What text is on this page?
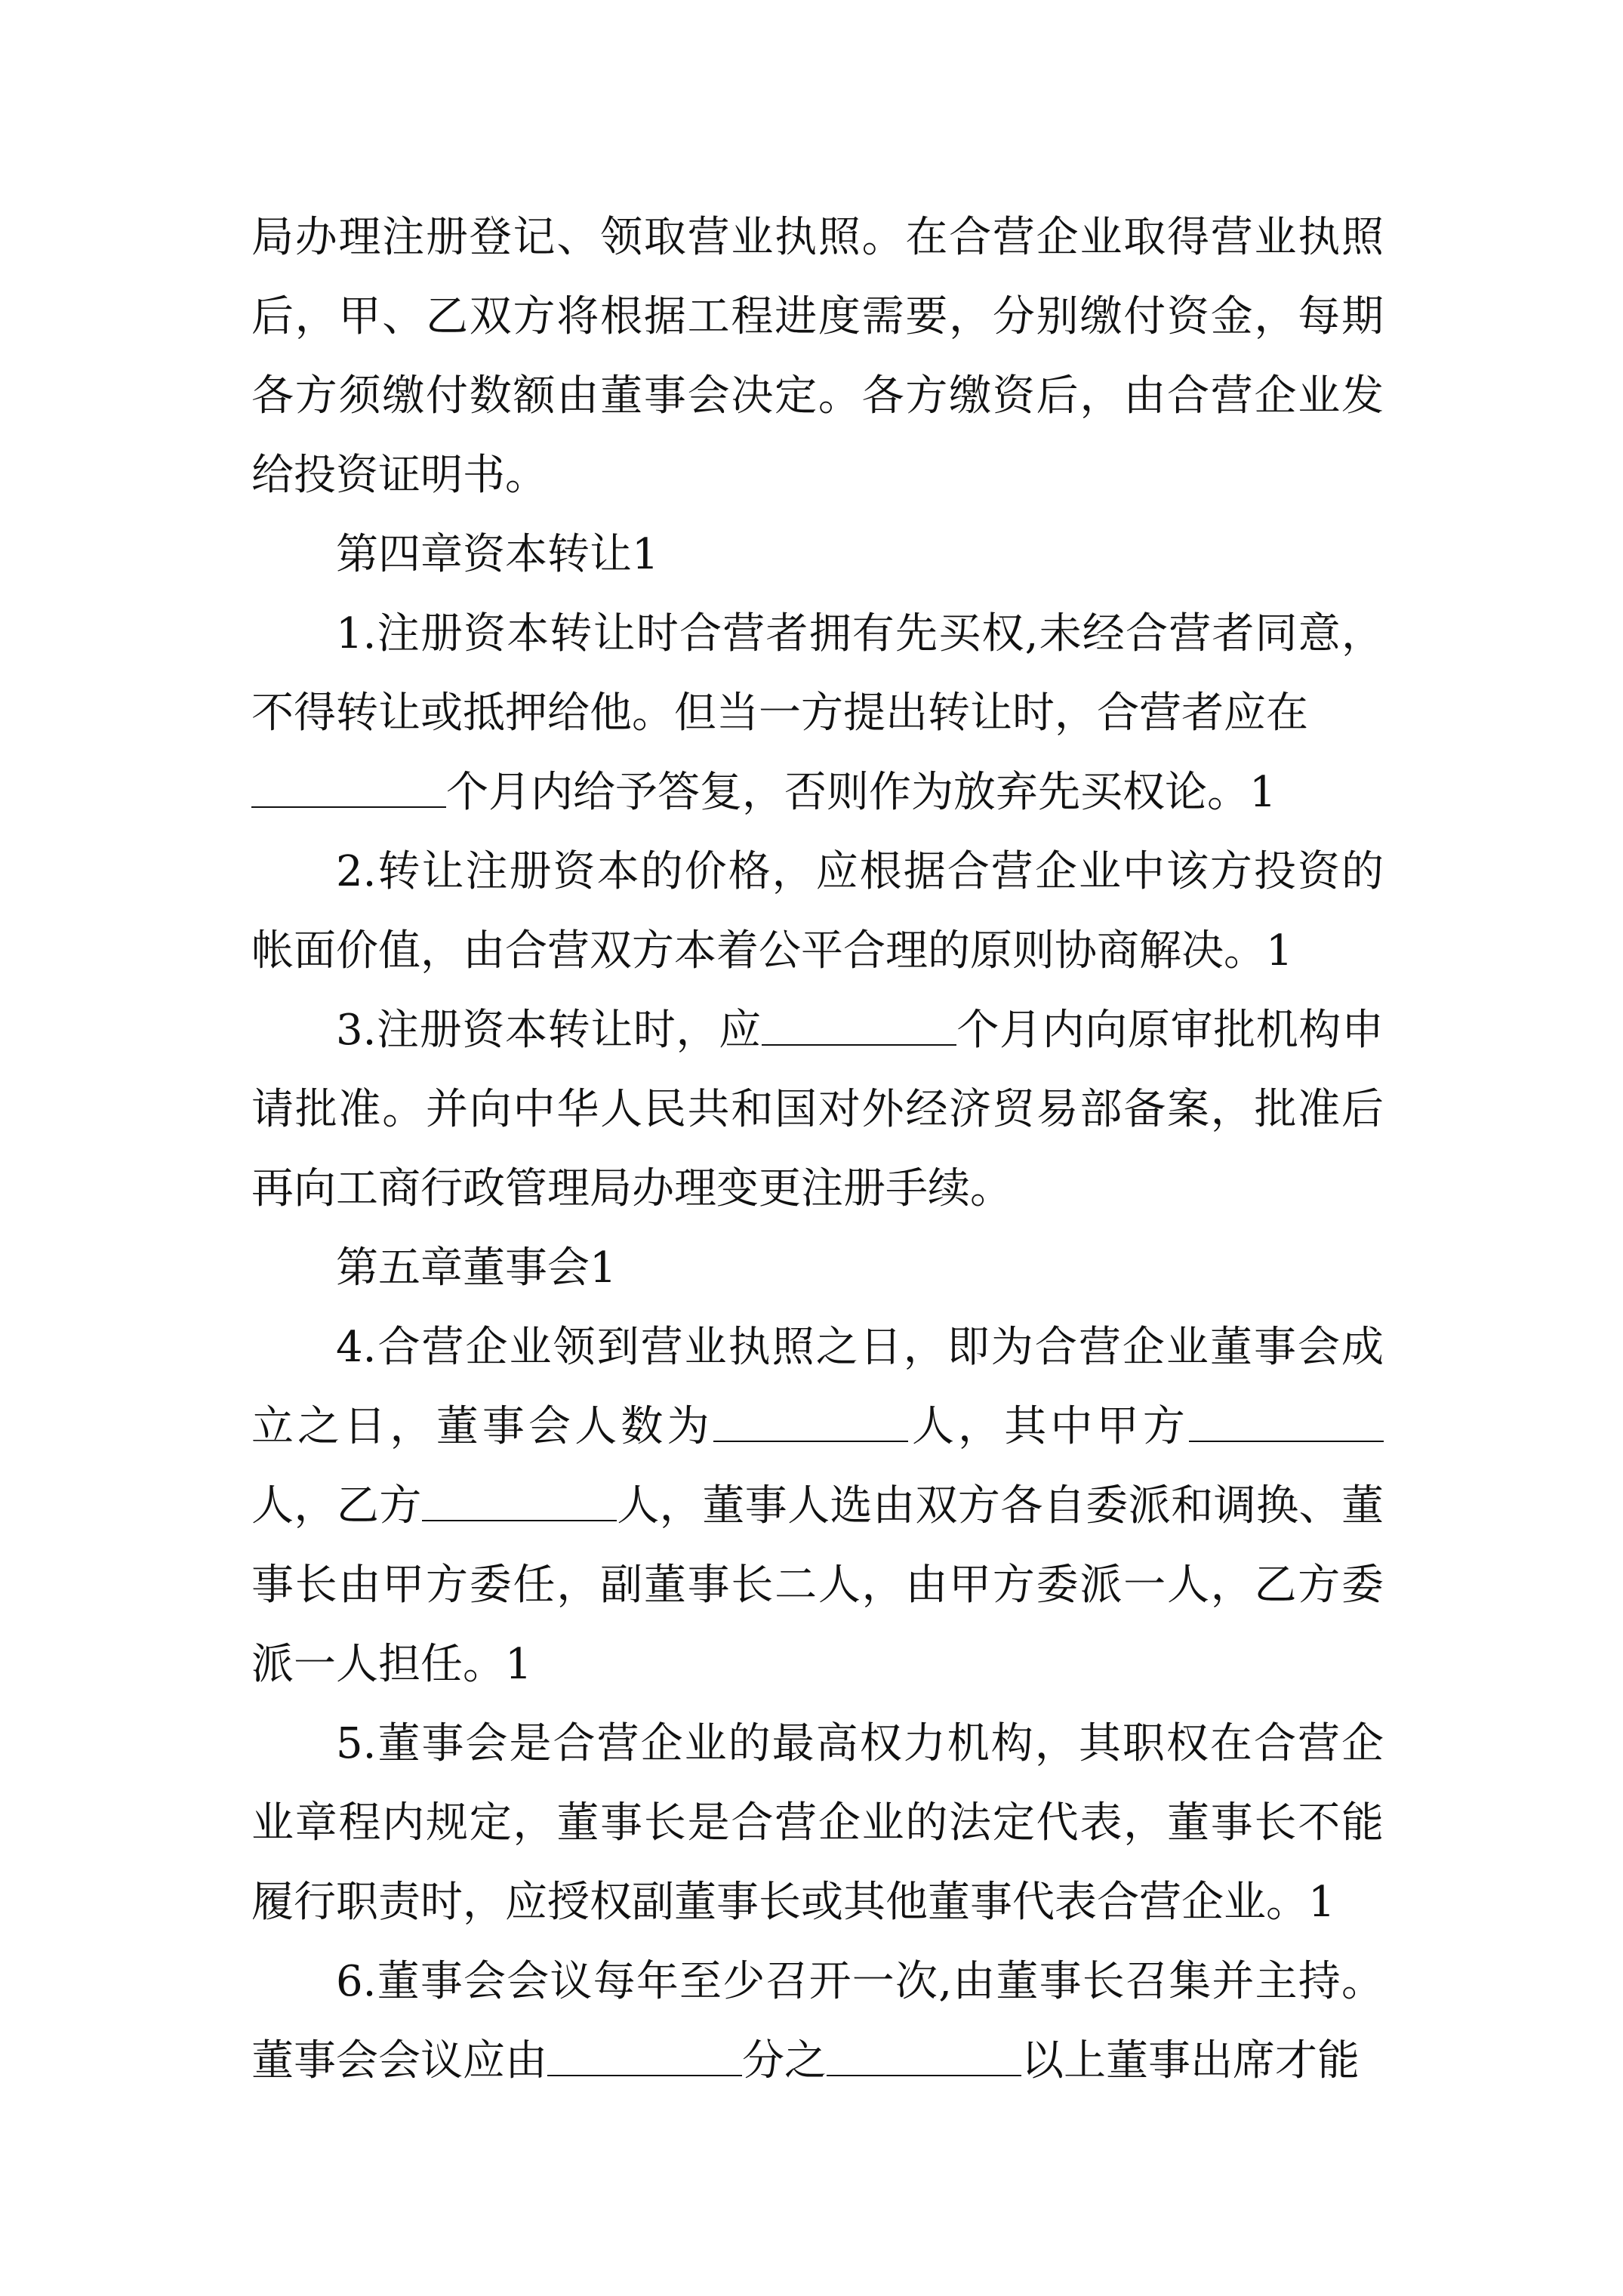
局办理注册登记、领取营业执照。在合营企业取得营业执照后，甲、乙双方将根据工程进度需要，分别缴付资金，每期各方须缴付数额由董事会决定。各方缴资后，由合营企业发给投资证明书。

第四章资本转让1

1.注册资本转让时合营者拥有先买权,未经合营者同意，不得转让或抵押给他。但当一方提出转让时，合营者应在
个月内给予答复，否则作为放弃先买权论。1

2.转让注册资本的价格，应根据合营企业中该方投资的帐面价值，由合营双方本着公平合理的原则协商解决。1

3.注册资本转让时，应	个月内向原审批机构申请批准。并向中华人民共和国对外经济贸易部备案，批准后再向工商行政管理局办理变更注册手续。

第五章董事会1

4.合营企业领到营业执照之日，即为合营企业董事会成立之日，董事会人数为	人，其中甲方人，乙方	人，董事人选由双方各自委派和调换、董事长由甲方委任，副董事长二人，由甲方委派一人，乙方委派一人担任。1

5.董事会是合营企业的最高权力机构，其职权在合营企业章程内规定，董事长是合营企业的法定代表，董事长不能履行职责时，应授权副董事长或其他董事代表合营企业。1

6.董事会会议每年至少召开一次,由董事长召集并主持。董事会会议应由	分之	以上董事出席才能
